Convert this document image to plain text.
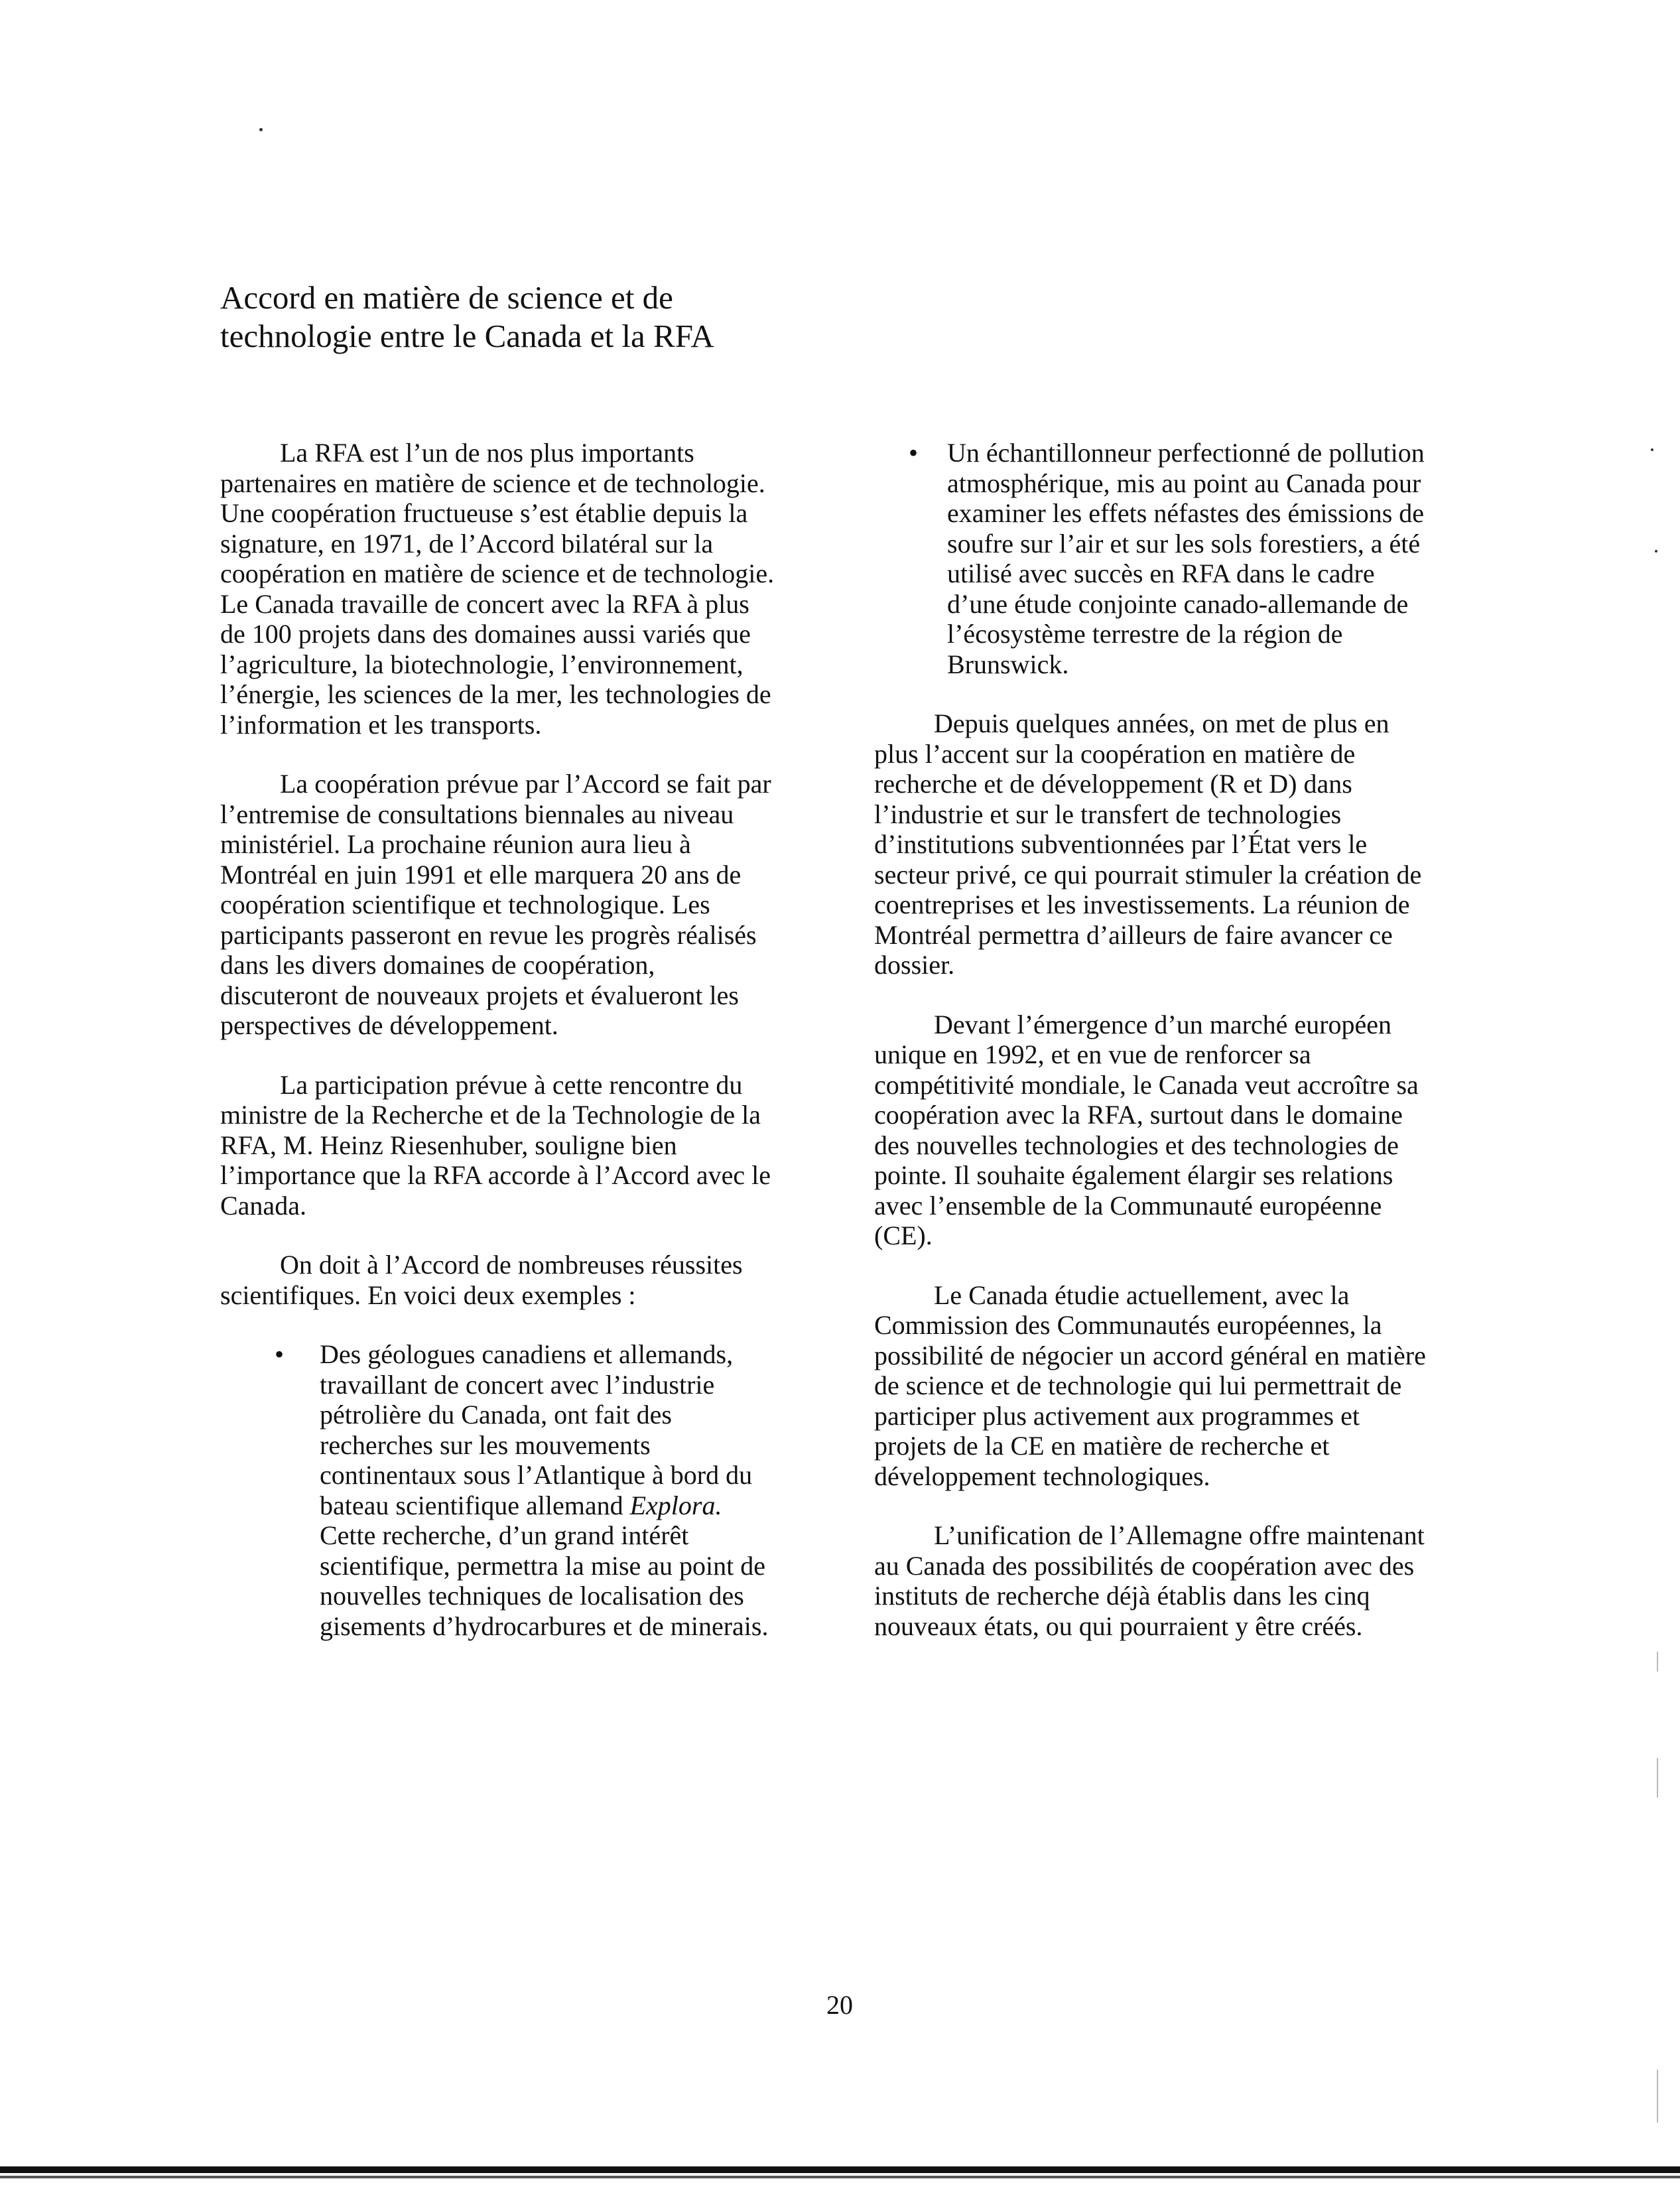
Accord en matière de science et de technologie entre le Canada et la RFA

La RFA est l’un de nos plus importants partenaires en matière de science et de technologie. Une coopération fructueuse s’est établie depuis la signature, en 1971, de l’Accord bilatéral sur la coopération en matière de science et de technologie. Le Canada travaille de concert avec la RFA à plus de 100 projets dans des domaines aussi variés que l’agriculture, la biotechnologie, l’environnement, l’énergie, les sciences de la mer, les technologies de l’information et les transports.

La coopération prévue par l’Accord se fait par l’entremise de consultations biennales au niveau ministériel. La prochaine réunion aura lieu à Montréal en juin 1991 et elle marquera 20 ans de coopération scientifique et technologique. Les participants passeront en revue les progrès réalisés dans les divers domaines de coopération, discuteront de nouveaux projets et évalueront les perspectives de développement.

La participation prévue à cette rencontre du ministre de la Recherche et de la Technologie de la RFA, M. Heinz Riesenhuber, souligne bien l’importance que la RFA accorde à l’Accord avec le Canada.

On doit à l’Accord de nombreuses réussites scientifiques. En voici deux exemples :

• Des géologues canadiens et allemands, travaillant de concert avec l’industrie pétrolière du Canada, ont fait des recherches sur les mouvements continentaux sous l’Atlantique à bord du bateau scientifique allemand Explora. Cette recherche, d’un grand intérêt scientifique, permettra la mise au point de nouvelles techniques de localisation des gisements d’hydrocarbures et de minerais.
• Un échantillonneur perfectionné de pollution atmosphérique, mis au point au Canada pour examiner les effets néfastes des émissions de soufre sur l’air et sur les sols forestiers, a été utilisé avec succès en RFA dans le cadre d’une étude conjointe canado-allemande de l’écosystème terrestre de la région de Brunswick.

Depuis quelques années, on met de plus en plus l’accent sur la coopération en matière de recherche et de développement (R et D) dans l’industrie et sur le transfert de technologies d’institutions subventionnées par l’État vers le secteur privé, ce qui pourrait stimuler la création de coentreprises et les investissements. La réunion de Montréal permettra d’ailleurs de faire avancer ce dossier.

Devant l’émergence d’un marché européen unique en 1992, et en vue de renforcer sa compétitivité mondiale, le Canada veut accroître sa coopération avec la RFA, surtout dans le domaine des nouvelles technologies et des technologies de pointe. Il souhaite également élargir ses relations avec l’ensemble de la Communauté européenne (CE).

Le Canada étudie actuellement, avec la Commission des Communautés européennes, la possibilité de négocier un accord général en matière de science et de technologie qui lui permettrait de participer plus activement aux programmes et projets de la CE en matière de recherche et développement technologiques.

L’unification de l’Allemagne offre maintenant au Canada des possibilités de coopération avec des instituts de recherche déjà établis dans les cinq nouveaux états, ou qui pourraient y être créés.

20
